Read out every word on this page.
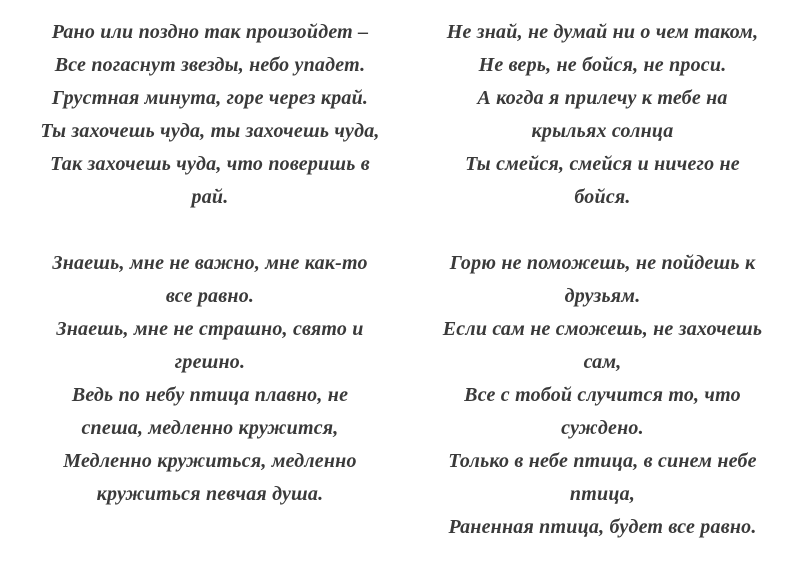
Рано или поздно так произойдет –
Все погаснут звезды, небо упадет.
Грустная минута, горе через край.
Ты захочешь чуда, ты захочешь чуда,
Так захочешь чуда, что поверишь в
рай.
Знаешь, мне не важно, мне как-то
все равно.
Знаешь, мне не страшно, свято и
грешно.
Ведь по небу птица плавно, не
спеша, медленно кружится,
Медленно кружиться, медленно
кружиться певчая душа.
Не знай, не думай ни о чем таком,
Не верь, не бойся, не проси.
А когда я прилечу к тебе на
крыльях солнца
Ты смейся, смейся и ничего не
бойся.
Горю не поможешь, не пойдешь к
друзьям.
Если сам не сможешь, не захочешь
сам,
Все с тобой случится то, что
суждено.
Только в небе птица, в синем небе
птица,
Раненная птица, будет все равно.
